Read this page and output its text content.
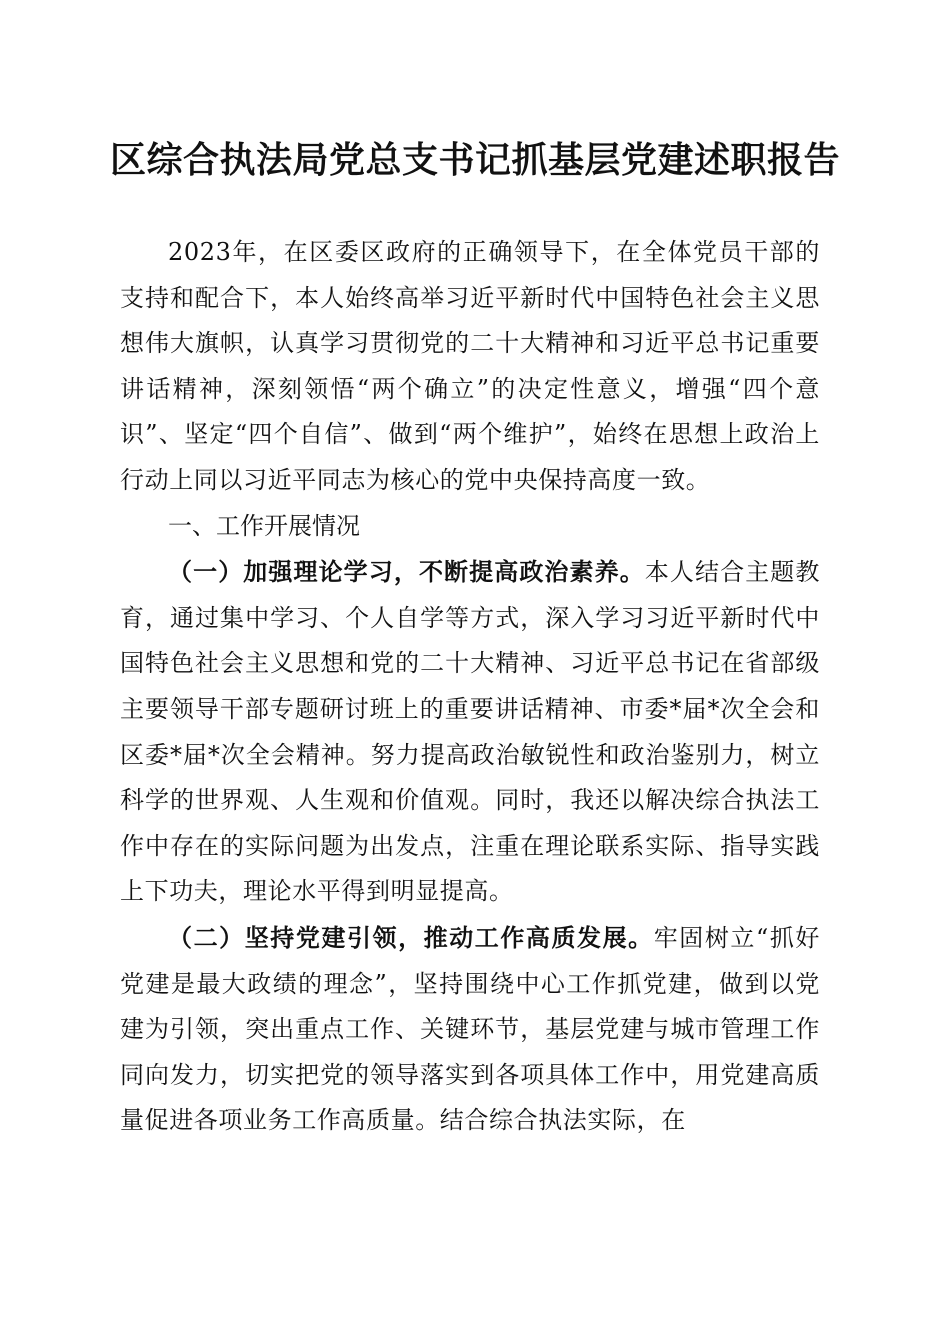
区综合执法局党总支书记抓基层党建述职报告

2023年，在区委区政府的正确领导下，在全体党员干部的支持和配合下，本人始终高举习近平新时代中国特色社会主义思想伟大旗帜，认真学习贯彻党的二十大精神和习近平总书记重要讲话精神，深刻领悟“两个确立”的决定性意义，增强“四个意识”、坚定“四个自信”、做到“两个维护”，始终在思想上政治上行动上同以习近平同志为核心的党中央保持高度一致。

一、工作开展情况

（一）加强理论学习，不断提高政治素养。本人结合主题教育，通过集中学习、个人自学等方式，深入学习习近平新时代中国特色社会主义思想和党的二十大精神、习近平总书记在省部级主要领导干部专题研讨班上的重要讲话精神、市委*届*次全会和区委*届*次全会精神。努力提高政治敏锐性和政治鉴别力，树立科学的世界观、人生观和价值观。同时，我还以解决综合执法工作中存在的实际问题为出发点，注重在理论联系实际、指导实践上下功夫，理论水平得到明显提高。

（二）坚持党建引领，推动工作高质发展。牢固树立“抓好党建是最大政绩的理念”，坚持围绕中心工作抓党建，做到以党建为引领，突出重点工作、关键环节，基层党建与城市管理工作同向发力，切实把党的领导落实到各项具体工作中，用党建高质量促进各项业务工作高质量。结合综合执法实际，在
